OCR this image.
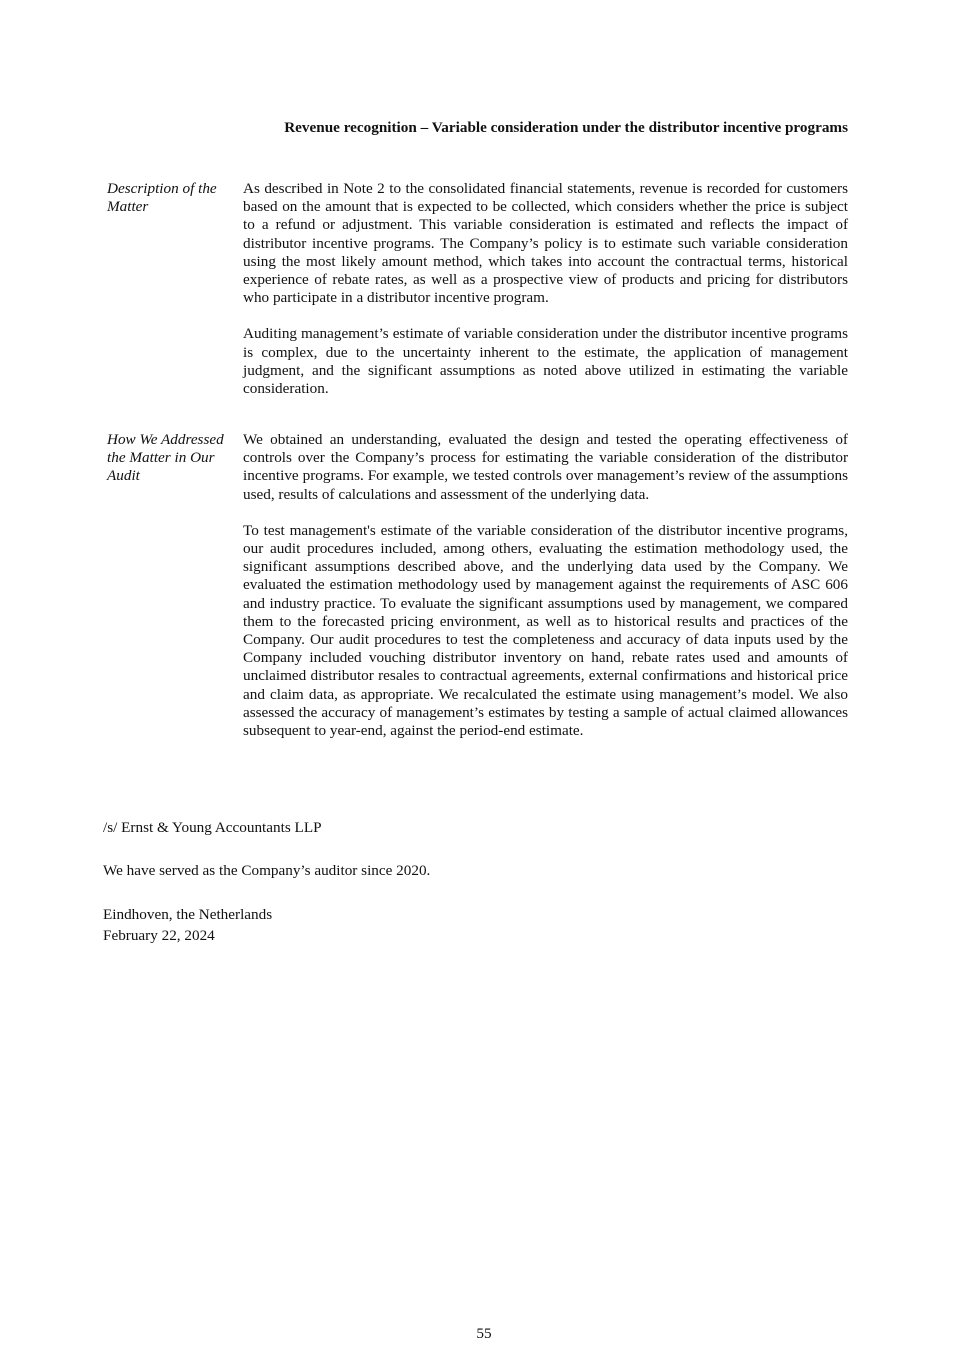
Revenue recognition – Variable consideration under the distributor incentive programs
Description of the Matter

As described in Note 2 to the consolidated financial statements, revenue is recorded for customers based on the amount that is expected to be collected, which considers whether the price is subject to a refund or adjustment. This variable consideration is estimated and reflects the impact of distributor incentive programs. The Company’s policy is to estimate such variable consideration using the most likely amount method, which takes into account the contractual terms, historical experience of rebate rates, as well as a prospective view of products and pricing for distributors who participate in a distributor incentive program.

Auditing management’s estimate of variable consideration under the distributor incentive programs is complex, due to the uncertainty inherent to the estimate, the application of management judgment, and the significant assumptions as noted above utilized in estimating the variable consideration.

How We Addressed the Matter in Our Audit

We obtained an understanding, evaluated the design and tested the operating effectiveness of controls over the Company’s process for estimating the variable consideration of the distributor incentive programs. For example, we tested controls over management’s review of the assumptions used, results of calculations and assessment of the underlying data.

To test management's estimate of the variable consideration of the distributor incentive programs, our audit procedures included, among others, evaluating the estimation methodology used, the significant assumptions described above, and the underlying data used by the Company. We evaluated the estimation methodology used by management against the requirements of ASC 606 and industry practice. To evaluate the significant assumptions used by management, we compared them to the forecasted pricing environment, as well as to historical results and practices of the Company. Our audit procedures to test the completeness and accuracy of data inputs used by the Company included vouching distributor inventory on hand, rebate rates used and amounts of unclaimed distributor resales to contractual agreements, external confirmations and historical price and claim data, as appropriate. We recalculated the estimate using management’s model. We also assessed the accuracy of management’s estimates by testing a sample of actual claimed allowances subsequent to year-end, against the period-end estimate.

/s/ Ernst & Young Accountants LLP
We have served as the Company’s auditor since 2020.
Eindhoven, the Netherlands
February 22, 2024
55
